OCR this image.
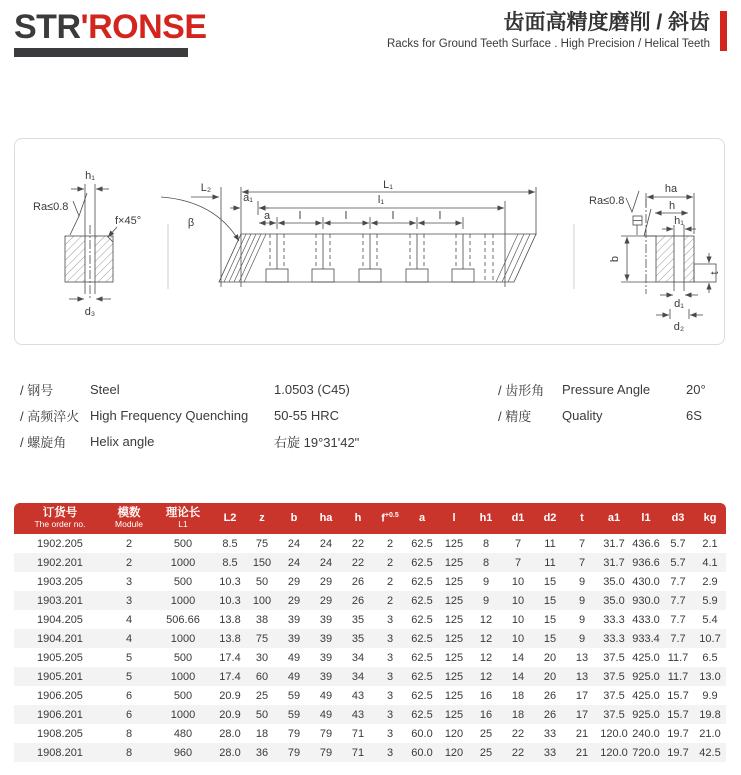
STR'RONSE	齿面高精度磨削 / 斜齿
Racks for Ground Teeth Surface . High Precision / Helical Teeth
h₁
Ra≤0.8
f×45°
d₃
L₂	L₁
l₁
a₁
a	l	l	l	l
β
b
ha
h
h₁
Ra≤0.8
t
d₁
d₂
/ 钢号	Steel	1.0503 (C45)
/ 高频淬火 High Frequency Quenching	50-55 HRC
/ 螺旋角	Helix angle	右旋 19°31'42"
/ 齿形角	Pressure Angle	20°
/ 精度	Quality	6S
订货号
The order no.

模数
Module

理论长
L1
	L2	z	b	ha	h	$f^{+0.5}$	a	l	h1	d1	d2	t	a1	l1	d3	kg
1902.205	2	500	8.5	75	24	24	22	2	62.5	125	8	7	11	7	31.7	436.6	5.7	2.1
1902.201	2	1000	8.5	150	24	24	22	2	62.5	125	8	7	11	7	31.7	936.6	5.7	4.1
1903.205	3	500	10.3	50	29	29	26	2	62.5	125	9	10	15	9	35.0	430.0	7.7	2.9
1903.201	3	1000	10.3	100	29	29	26	2	62.5	125	9	10	15	9	35.0	930.0	7.7	5.9
1904.205	4	506.66	13.8	38	39	39	35	3	62.5	125	12	10	15	9	33.3	433.0	7.7	5.4
1904.201	4	1000	13.8	75	39	39	35	3	62.5	125	12	10	15	9	33.3	933.4	7.7	10.7
1905.205	5	500	17.4	30	49	39	34	3	62.5	125	12	14	20	13	37.5	425.0	11.7	6.5
1905.201	5	1000	17.4	60	49	39	34	3	62.5	125	12	14	20	13	37.5	925.0	11.7	13.0
1906.205	6	500	20.9	25	59	49	43	3	62.5	125	16	18	26	17	37.5	425.0	15.7	9.9
1906.201	6	1000	20.9	50	59	49	43	3	62.5	125	16	18	26	17	37.5	925.0	15.7	19.8
1908.205	8	480	28.0	18	79	79	71	3	60.0	120	25	22	33	21	120.0	240.0	19.7	21.0
1908.201	8	960	28.0	36	79	79	71	3	60.0	120	25	22	33	21	120.0	720.0	19.7	42.5
